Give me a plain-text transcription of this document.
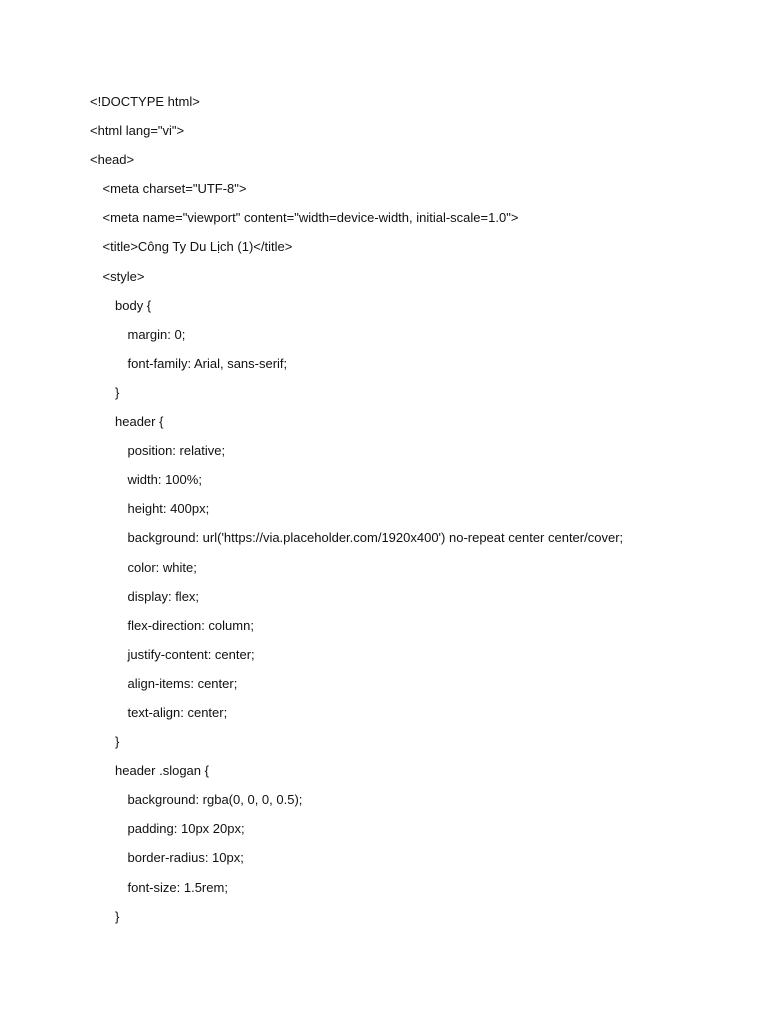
<!DOCTYPE html>
<html lang="vi">
<head>
<meta charset="UTF-8">
<meta name="viewport" content="width=device-width, initial-scale=1.0">
<title>Công Ty Du Lịch (1)</title>
<style>
body {
margin: 0;
font-family: Arial, sans-serif;
}
header {
position: relative;
width: 100%;
height: 400px;
background: url('https://via.placeholder.com/1920x400') no-repeat center center/cover;
color: white;
display: flex;
flex-direction: column;
justify-content: center;
align-items: center;
text-align: center;
}
header .slogan {
background: rgba(0, 0, 0, 0.5);
padding: 10px 20px;
border-radius: 10px;
font-size: 1.5rem;
}
